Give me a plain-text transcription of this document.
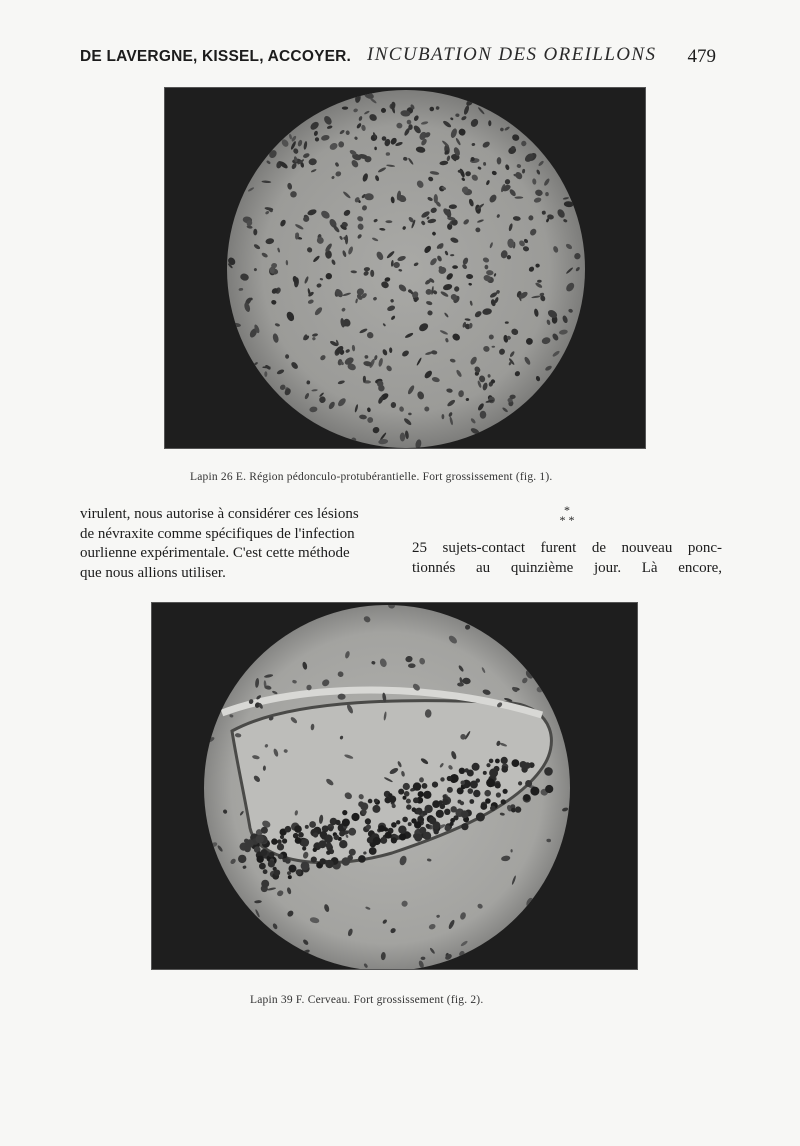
DE LAVERGNE, KISSEL, ACCOYER. INCUBATION DES OREILLONS 479
Lapin 26 E. Région pédonculo-protubérantielle. Fort grossissement (fig. 1).
virulent, nous autorise à considérer ces lésions
de névraxite comme spécifiques de l'infection
ourlienne expérimentale. C'est cette méthode
que nous allions utiliser.
*
* *
25 sujets-contact furent de nouveau ponc-
tionnés au quinzième jour. Là encore,
Lapin 39 F. Cerveau. Fort grossissement (fig. 2).
